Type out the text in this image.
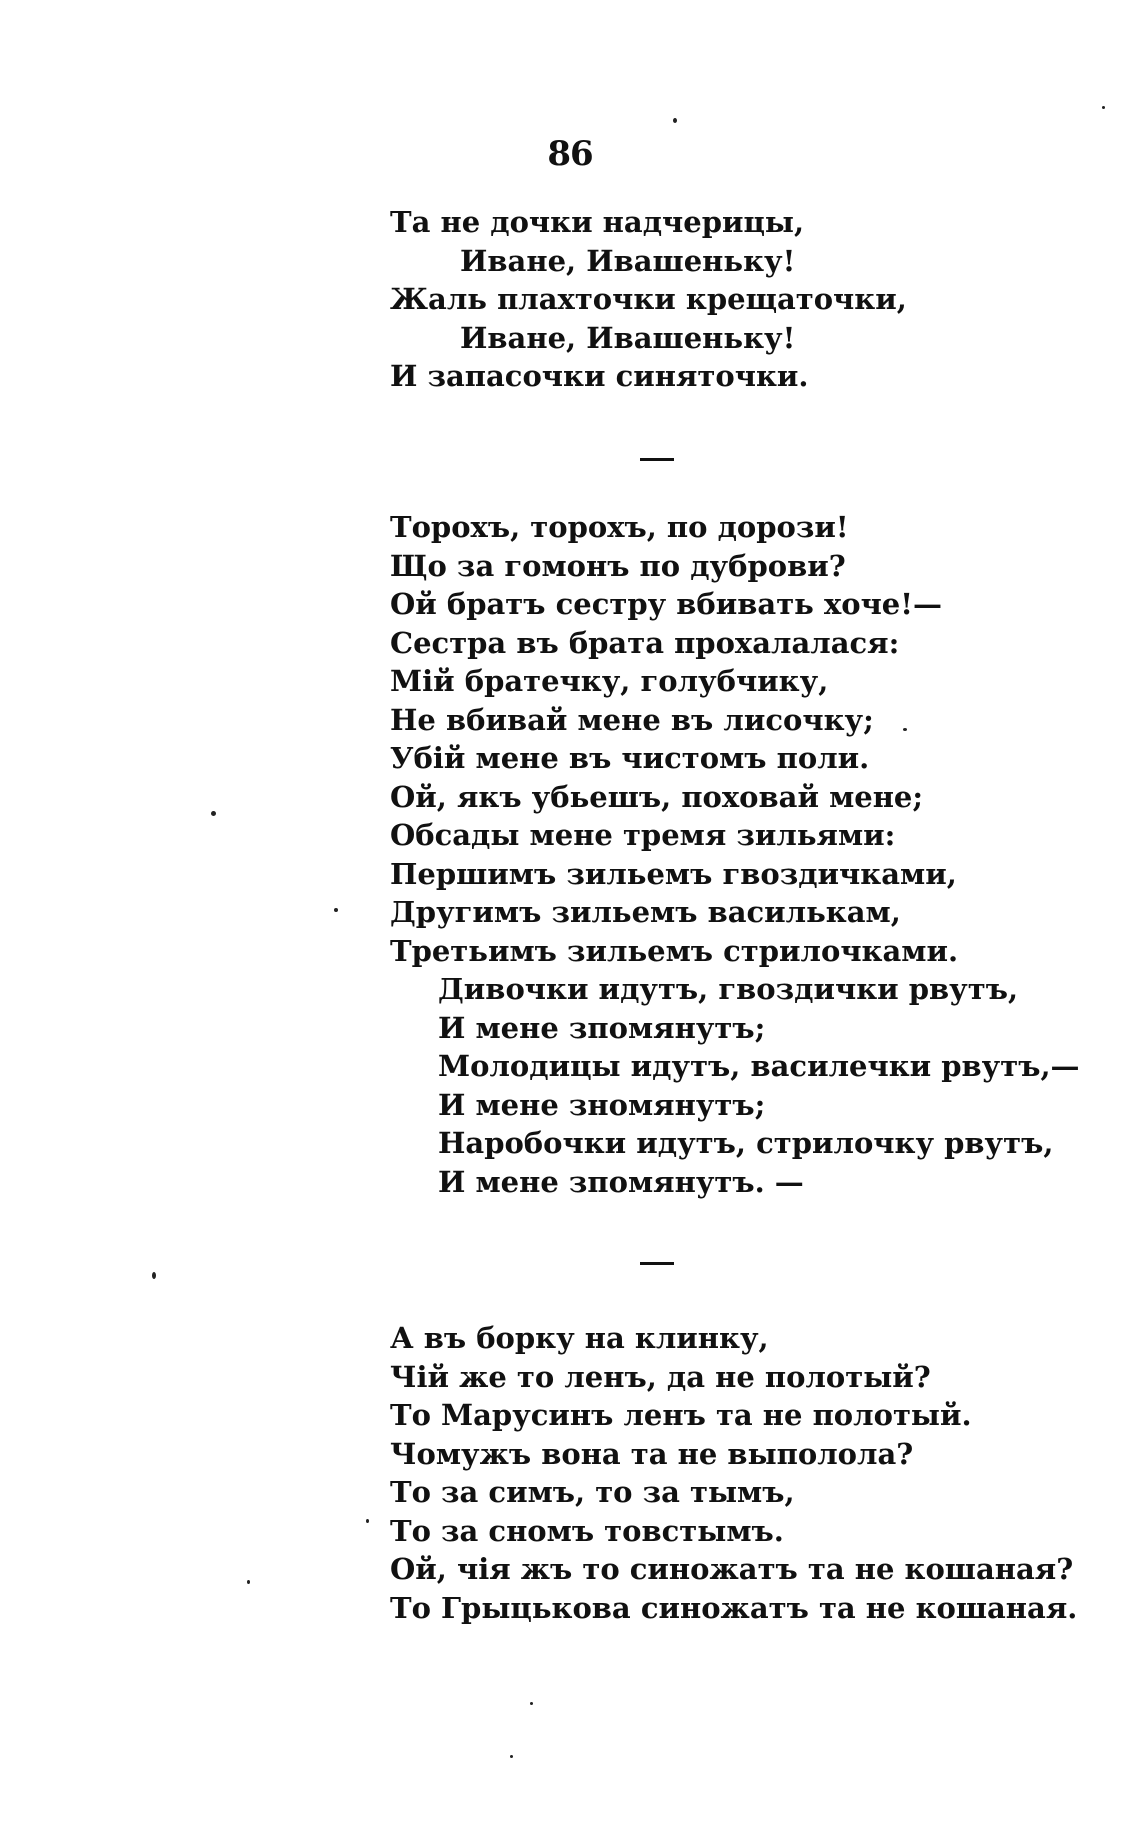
86
Та не дочки надчерицы,
Иване, Ивашеньку!
Жаль плахточки крещаточки,
Иване, Ивашеньку!
И запасочки синяточки.
Торохъ, торохъ, по дорози!
Що за гомонъ по дуброви?
Ой братъ сестру вбивать хоче!—
Сестра въ брата прохалалася:
Мій братечку, голубчику,
Не вбивай мене въ лисочку;
Убій мене въ чистомъ поли.
Ой, якъ убьешъ, поховай мене;
Обсады мене тремя зильями:
Першимъ зильемъ гвоздичками,
Другимъ зильемъ василькам,
Третьимъ зильемъ стрилочками.
Дивочки идутъ, гвоздички рвутъ,
И мене зпомянутъ;
Молодицы идутъ, василечки рвутъ,—
И мене зномянутъ;
Наробочки идутъ, стрилочку рвутъ,
И мене зпомянутъ. —
А въ борку на клинку,
Чій же то ленъ, да не полотый?
То Марусинъ ленъ та не полотый.
Чомужъ вона та не выполола?
То за симъ, то за тымъ,
То за сномъ товстымъ.
Ой, чія жъ то синожатъ та не кошаная?
То Грыцькова синожатъ та не кошаная.
